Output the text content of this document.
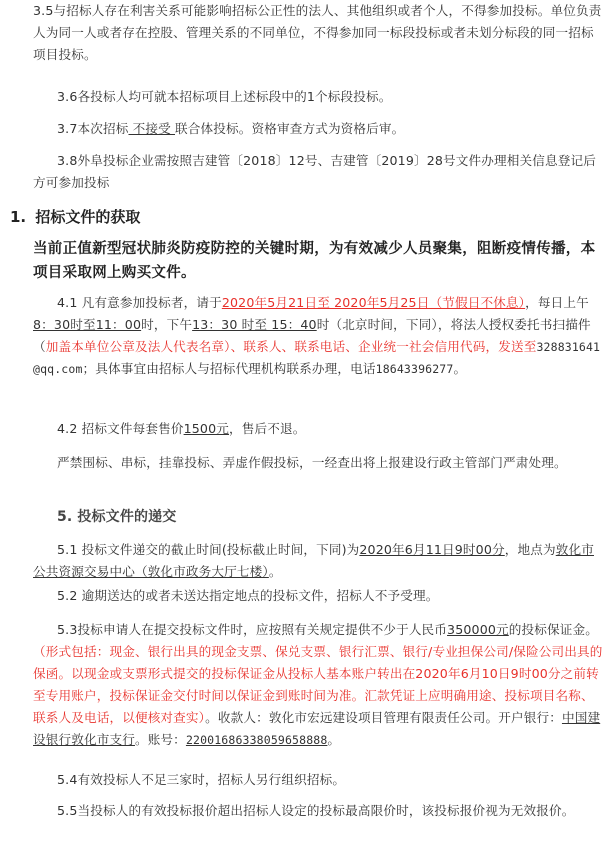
3.5与招标人存在利害关系可能影响招标公正性的法人、其他组织或者个人，不得参加投标。单位负责人为同一人或者存在控股、管理关系的不同单位，不得参加同一标段投标或者未划分标段的同一招标项目投标。
3.6各投标人均可就本招标项目上述标段中的1个标段投标。
3.7本次招标 不接受 联合体投标。资格审查方式为资格后审。
3.8外阜投标企业需按照吉建管〔2018〕12号、吉建管〔2019〕28号文件办理相关信息登记后方可参加投标
1. 招标文件的获取
当前正值新型冠状肺炎防疫防控的关键时期，为有效减少人员聚集，阻断疫情传播，本项目采取网上购买文件。
4.1 凡有意参加投标者，请于2020年5月21日至 2020年5月25日（节假日不休息），每日上午 8：30时至11：00时，下午13：30 时至 15：40时（北京时间，下同），将法人授权委托书扫描件（加盖本单位公章及法人代表名章）、联系人、联系电话、企业统一社会信用代码，发送至328831641@qq.com；具体事宜由招标人与招标代理机构联系办理，电话18643396277。
4.2 招标文件每套售价1500元，售后不退。
严禁围标、串标，挂靠投标、弄虚作假投标，一经查出将上报建设行政主管部门严肃处理。
5. 投标文件的递交
5.1 投标文件递交的截止时间(投标截止时间，下同)为2020年6月11日9时00分，地点为敦化市公共资源交易中心（敦化市政务大厅七楼）。
5.2 逾期送达的或者未送达指定地点的投标文件，招标人不予受理。
5.3投标申请人在提交投标文件时，应按照有关规定提供不少于人民币350000元的投标保证金。（形式包括：现金、银行出具的现金支票、保兑支票、银行汇票、银行/专业担保公司/保险公司出具的保函。以现金或支票形式提交的投标保证金从投标人基本账户转出在2020年6月10日9时00分之前转至专用账户，投标保证金交付时间以保证金到账时间为准。汇款凭证上应明确用途、投标项目名称、联系人及电话，以便核对查实）。收款人：敦化市宏远建设项目管理有限责任公司。开户银行：中国建设银行敦化市支行。账号：22001686338059658888。
5.4有效投标人不足三家时，招标人另行组织招标。
5.5当投标人的有效投标报价超出招标人设定的投标最高限价时，该投标报价视为无效报价。
